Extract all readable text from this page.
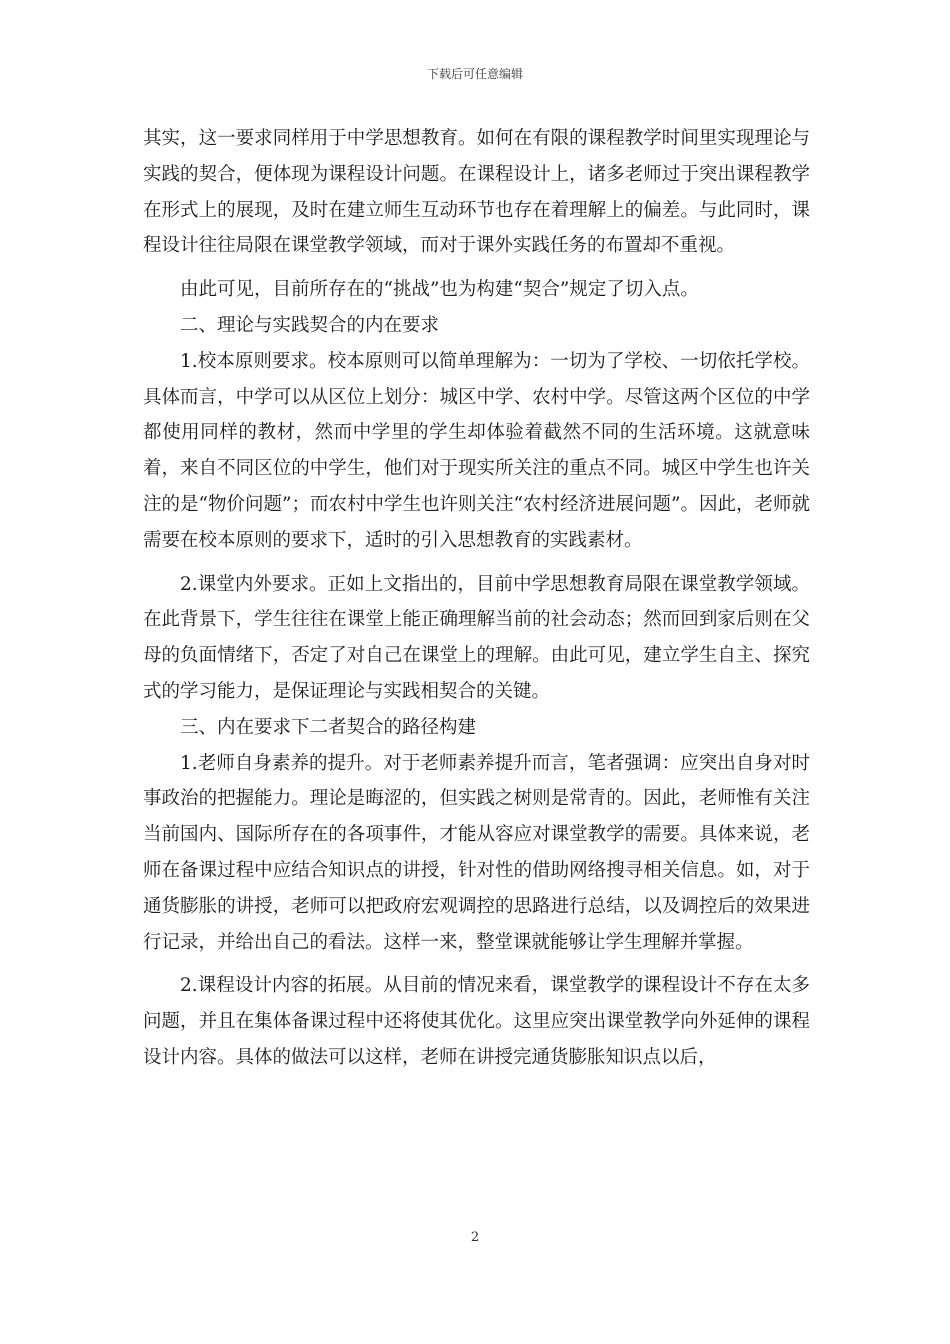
下载后可任意编辑

其实，这一要求同样用于中学思想教育。如何在有限的课程教学时间里实现理论与实践的契合，便体现为课程设计问题。在课程设计上，诸多老师过于突出课程教学在形式上的展现，及时在建立师生互动环节也存在着理解上的偏差。与此同时，课程设计往往局限在课堂教学领域，而对于课外实践任务的布置却不重视。

由此可见，目前所存在的“挑战”也为构建“契合”规定了切入点。

二、理论与实践契合的内在要求

1.校本原则要求。校本原则可以简单理解为：一切为了学校、一切依托学校。具体而言，中学可以从区位上划分：城区中学、农村中学。尽管这两个区位的中学都使用同样的教材，然而中学里的学生却体验着截然不同的生活环境。这就意味着，来自不同区位的中学生，他们对于现实所关注的重点不同。城区中学生也许关注的是“物价问题”；而农村中学生也许则关注“农村经济进展问题”。因此，老师就需要在校本原则的要求下，适时的引入思想教育的实践素材。

2.课堂内外要求。正如上文指出的，目前中学思想教育局限在课堂教学领域。在此背景下，学生往往在课堂上能正确理解当前的社会动态；然而回到家后则在父母的负面情绪下，否定了对自己在课堂上的理解。由此可见，建立学生自主、探究式的学习能力，是保证理论与实践相契合的关键。

三、内在要求下二者契合的路径构建

1.老师自身素养的提升。对于老师素养提升而言，笔者强调：应突出自身对时事政治的把握能力。理论是晦涩的，但实践之树则是常青的。因此，老师惟有关注当前国内、国际所存在的各项事件，才能从容应对课堂教学的需要。具体来说，老师在备课过程中应结合知识点的讲授，针对性的借助网络搜寻相关信息。如，对于通货膨胀的讲授，老师可以把政府宏观调控的思路进行总结，以及调控后的效果进行记录，并给出自己的看法。这样一来，整堂课就能够让学生理解并掌握。

2.课程设计内容的拓展。从目前的情况来看，课堂教学的课程设计不存在太多问题，并且在集体备课过程中还将使其优化。这里应突出课堂教学向外延伸的课程设计内容。具体的做法可以这样，老师在讲授完通货膨胀知识点以后，

2
